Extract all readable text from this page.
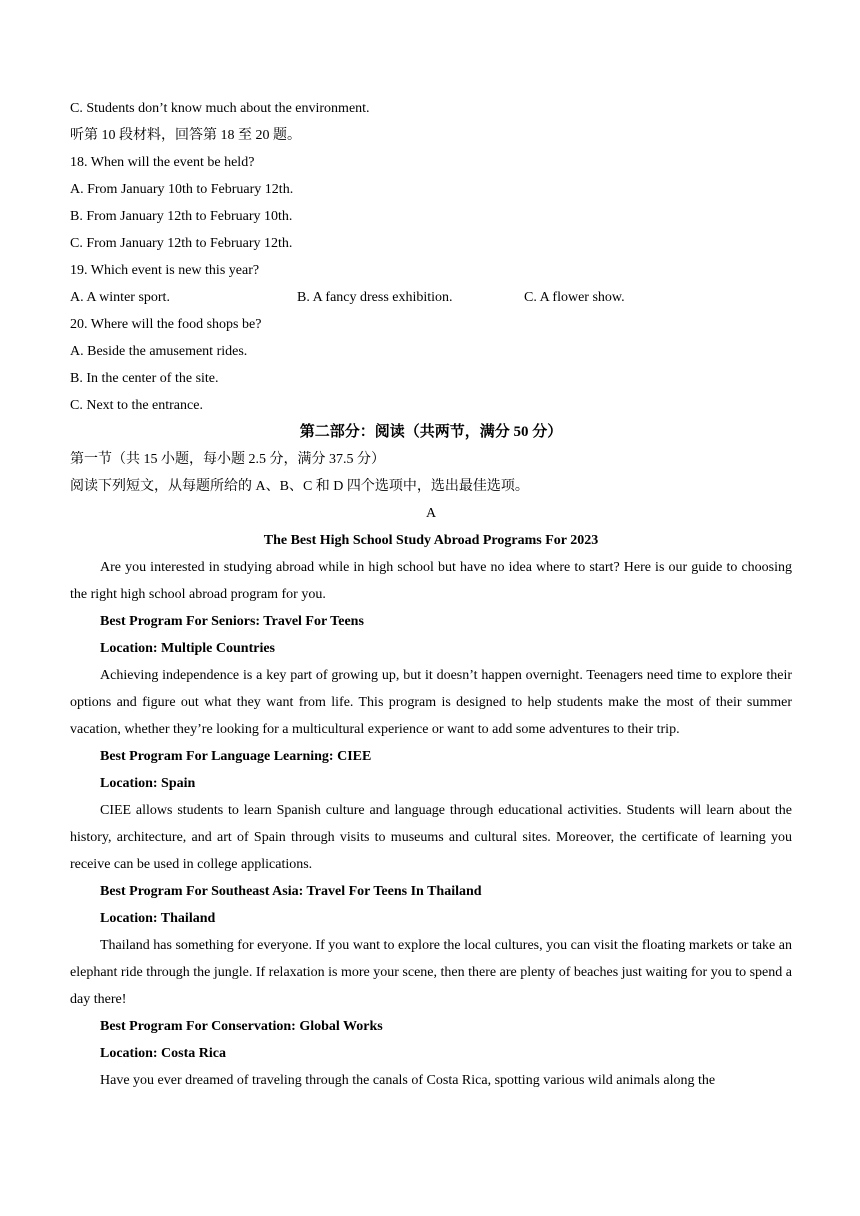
C. Students don’t know much about the environment.
听第 10 段材料，回答第 18 至 20 题。
18. When will the event be held?
A. From January 10th to February 12th.
B. From January 12th to February 10th.
C. From January 12th to February 12th.
19. Which event is new this year?
A. A winter sport.	B. A fancy dress exhibition.	C. A flower show.
20. Where will the food shops be?
A. Beside the amusement rides.
B. In the center of the site.
C. Next to the entrance.
第二部分：阅读（共两节，满分 50 分）
第一节（共 15 小题，每小题 2.5 分，满分 37.5 分）
阅读下列短文，从每题所给的 A、B、C 和 D 四个选项中，选出最佳选项。
A
The Best High School Study Abroad Programs For 2023

Are you interested in studying abroad while in high school but have no idea where to start? Here is our guide to choosing the right high school abroad program for you.

Best Program For Seniors: Travel For Teens
Location: Multiple Countries

Achieving independence is a key part of growing up, but it doesn’t happen overnight. Teenagers need time to explore their options and figure out what they want from life. This program is designed to help students make the most of their summer vacation, whether they’re looking for a multicultural experience or want to add some adventures to their trip.

Best Program For Language Learning: CIEE
Location: Spain

CIEE allows students to learn Spanish culture and language through educational activities. Students will learn about the history, architecture, and art of Spain through visits to museums and cultural sites. Moreover, the certificate of learning you receive can be used in college applications.

Best Program For Southeast Asia: Travel For Teens In Thailand
Location: Thailand

Thailand has something for everyone. If you want to explore the local cultures, you can visit the floating markets or take an elephant ride through the jungle. If relaxation is more your scene, then there are plenty of beaches just waiting for you to spend a day there!

Best Program For Conservation: Global Works
Location: Costa Rica

Have you ever dreamed of traveling through the canals of Costa Rica, spotting various wild animals along the
